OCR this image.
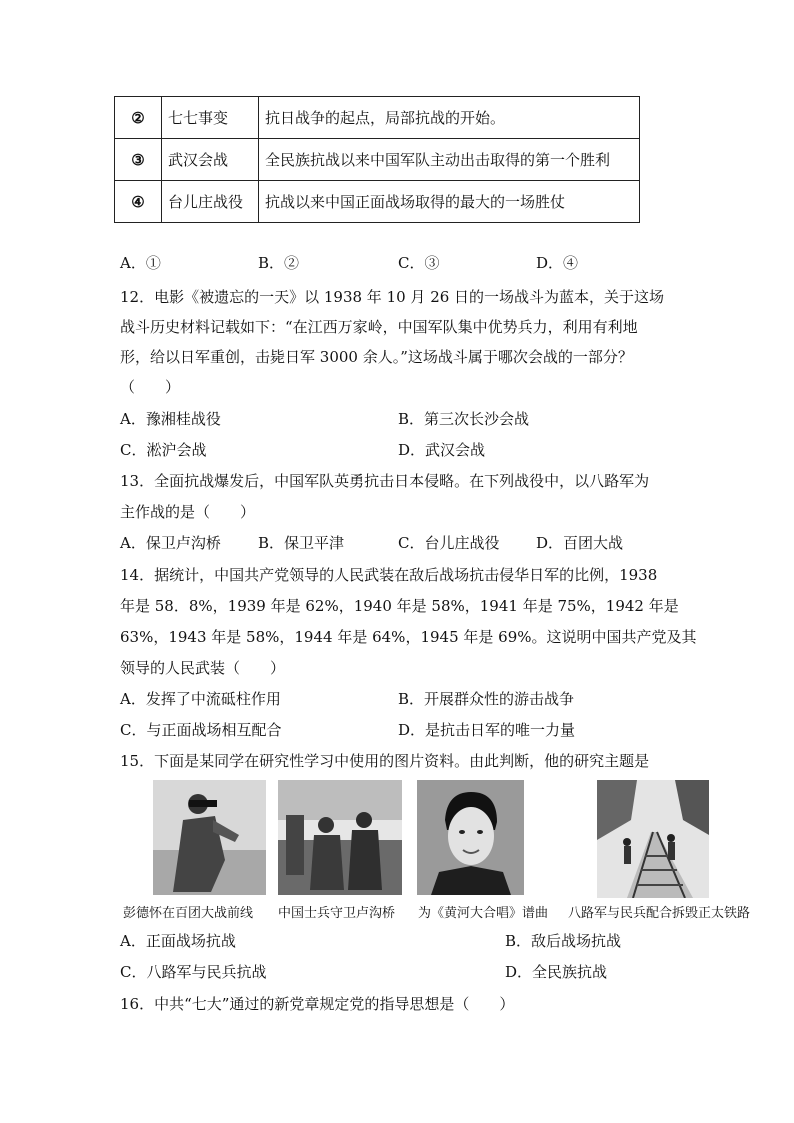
②	七七事变	抗日战争的起点，局部抗战的开始。
③	武汉会战	全民族抗战以来中国军队主动出击取得的第一个胜利
④	台儿庄战役	抗战以来中国正面战场取得的最大的一场胜仗
A．①	B．②	C．③	D．④
12．电影《被遗忘的一天》以 1938 年 10 月 26 日的一场战斗为蓝本，关于这场
战斗历史材料记载如下：“在江西万家岭，中国军队集中优势兵力，利用有利地
形，给以日军重创，击毙日军 3000 余人。”这场战斗属于哪次会战的一部分？
（　　）
A．豫湘桂战役	B．第三次长沙会战
C．淞沪会战	D．武汉会战
13．全面抗战爆发后，中国军队英勇抗击日本侵略。在下列战役中，以八路军为
主作战的是（　　）
A．保卫卢沟桥 B．保卫平津	C．台儿庄战役 D．百团大战
14．据统计，中国共产党领导的人民武装在敌后战场抗击侵华日军的比例，1938
年是 58．8%，1939 年是 62%，1940 年是 58%，1941 年是 75%，1942 年是
63%，1943 年是 58%，1944 年是 64%，1945 年是 69%。这说明中国共产党及其
领导的人民武装（　　）
A．发挥了中流砥柱作用	B．开展群众性的游击战争
C．与正面战场相互配合	D．是抗击日军的唯一力量
15．下面是某同学在研究性学习中使用的图片资料。由此判断，他的研究主题是
彭德怀在百团大战前线 中国士兵守卫卢沟桥 为《黄河大合唱》谱曲 八路军与民兵配合拆毁正太铁路
A．正面战场抗战	B．敌后战场抗战
C．八路军与民兵抗战	D．全民族抗战
16．中共“七大”通过的新党章规定党的指导思想是（　　）
